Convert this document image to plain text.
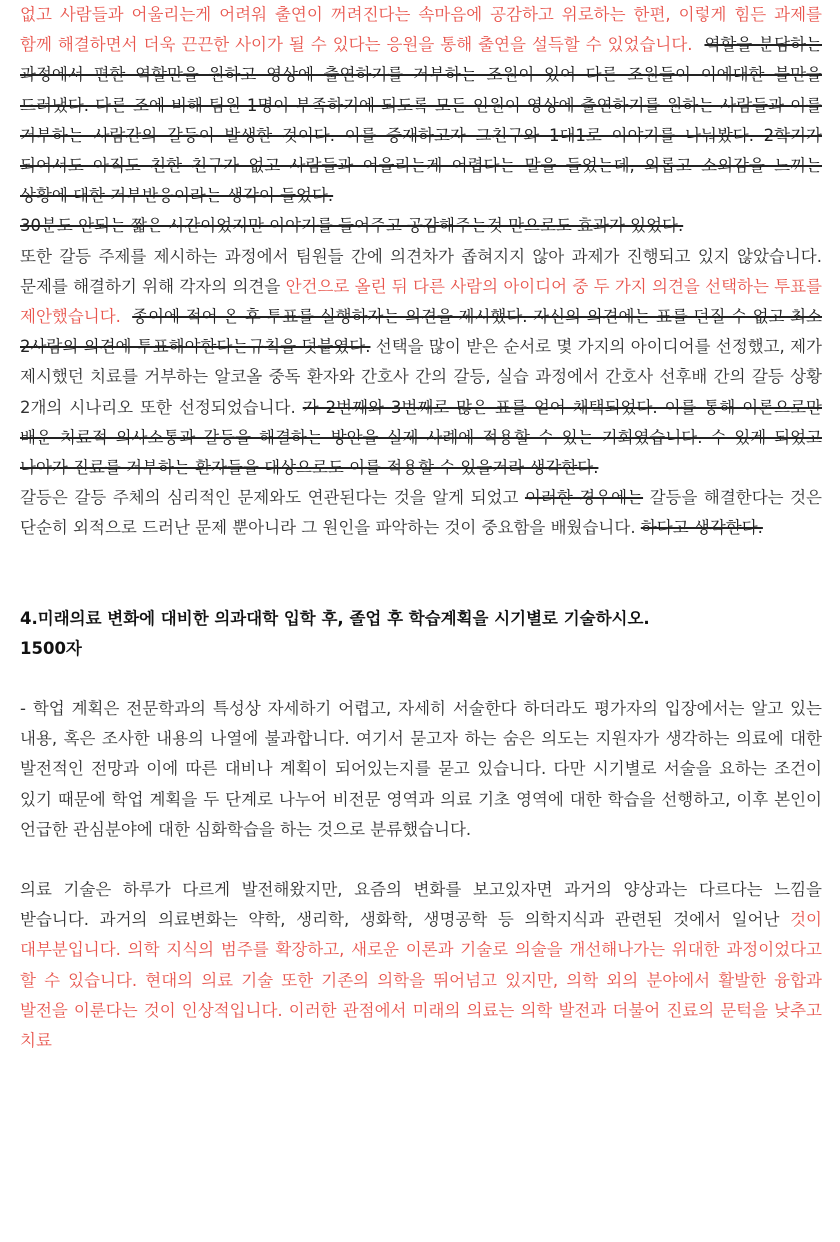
없고 사람들과 어울리는게 어려워 출연이 꺼려진다는 속마음에 공감하고 위로하는 한편, 이렇게 힘든 과제를 함께 해결하면서 더욱 끈끈한 사이가 될 수 있다는 응원을 통해 출연을 설득할 수 있었습니다. 역할을 분담하는 과정에서 편한 역할만을 원하고 영상에 출연하기를 거부하는 조원이 있어 다른 조원들이 이에대한 불만을 드러냈다. 다른 조에 비해 팀원 1명이 부족하기에 되도록 모든 인원이 영상에 출연하기를 원하는 사람들과 이를 거부하는 사람간의 갈등이 발생한 것이다. 이를 중재하고자 그친구와 1대1로 이야기를 나눠봤다. 2학기가 되어서도 아직도 친한 친구가 없고 사람들과 어울리는게 어렵다는 말을 들었는데, 외롭고 소외감을 느끼는 상황에 대한 거부반응이라는 생각이 들었다.

30분도 안되는 짧은 시간이었지만 이야기를 들어주고 공감해주는것 만으로도 효과가 있었다.

또한 갈등 주제를 제시하는 과정에서 팀원들 간에 의견차가 좁혀지지 않아 과제가 진행되고 있지 않았습니다. 문제를 해결하기 위해 각자의 의견을 안건으로 올린 뒤 다른 사람의 아이디어 중 두 가지 의견을 선택하는 투표를 제안했습니다. 종이에 적어 온 후 투표를 실행하자는 의견을 제시했다. 자신의 의견에는 표를 던질 수 없고 최소 2사람의 의견에 투표해야한다는규칙을 덧붙였다. 선택을 많이 받은 순서로 몇 가지의 아이디어를 선정했고, 제가 제시했던 치료를 거부하는 알코올 중독 환자와 간호사 간의 갈등, 실습 과정에서 간호사 선후배 간의 갈등 상황 2개의 시나리오 또한 선정되었습니다. 가 2번째와 3번째로 많은 표를 얻어 채택되었다. 이를 통해 이론으로만 배운 치료적 의사소통과 갈등을 해결하는 방안을 실제 사례에 적용할 수 있는 기회였습니다. 수 있게 되었고 나아가 진료를 거부하는 환자들을 대상으로도 이를 적용할 수 있을거라 생각한다.

갈등은 갈등 주체의 심리적인 문제와도 연관된다는 것을 알게 되었고 이러한 경우에는 갈등을 해결한다는 것은 단순히 외적으로 드러난 문제 뿐아니라 그 원인을 파악하는 것이 중요함을 배웠습니다. 하다고 생각한다.

4.미래의료 변화에 대비한 의과대학 입학 후, 졸업 후 학습계획을 시기별로 기술하시오.
1500자

- 학업 계획은 전문학과의 특성상 자세하기 어렵고, 자세히 서술한다 하더라도 평가자의 입장에서는 알고 있는 내용, 혹은 조사한 내용의 나열에 불과합니다. 여기서 묻고자 하는 숨은 의도는 지원자가 생각하는 의료에 대한 발전적인 전망과 이에 따른 대비나 계획이 되어있는지를 묻고 있습니다. 다만 시기별로 서술을 요하는 조건이 있기 때문에 학업 계획을 두 단계로 나누어 비전문 영역과 의료 기초 영역에 대한 학습을 선행하고, 이후 본인이 언급한 관심분야에 대한 심화학습을 하는 것으로 분류했습니다.

의료 기술은 하루가 다르게 발전해왔지만, 요즘의 변화를 보고있자면 과거의 양상과는 다르다는 느낌을 받습니다. 과거의 의료변화는 약학, 생리학, 생화학, 생명공학 등 의학지식과 관련된 것에서 일어난 것이 대부분입니다. 의학 지식의 범주를 확장하고, 새로운 이론과 기술로 의술을 개선해나가는 위대한 과정이었다고 할 수 있습니다. 현대의 의료 기술 또한 기존의 의학을 뛰어넘고 있지만, 의학 외의 분야에서 활발한 융합과 발전을 이룬다는 것이 인상적입니다. 이러한 관점에서 미래의 의료는 의학 발전과 더불어 진료의 문턱을 낮추고 치료
